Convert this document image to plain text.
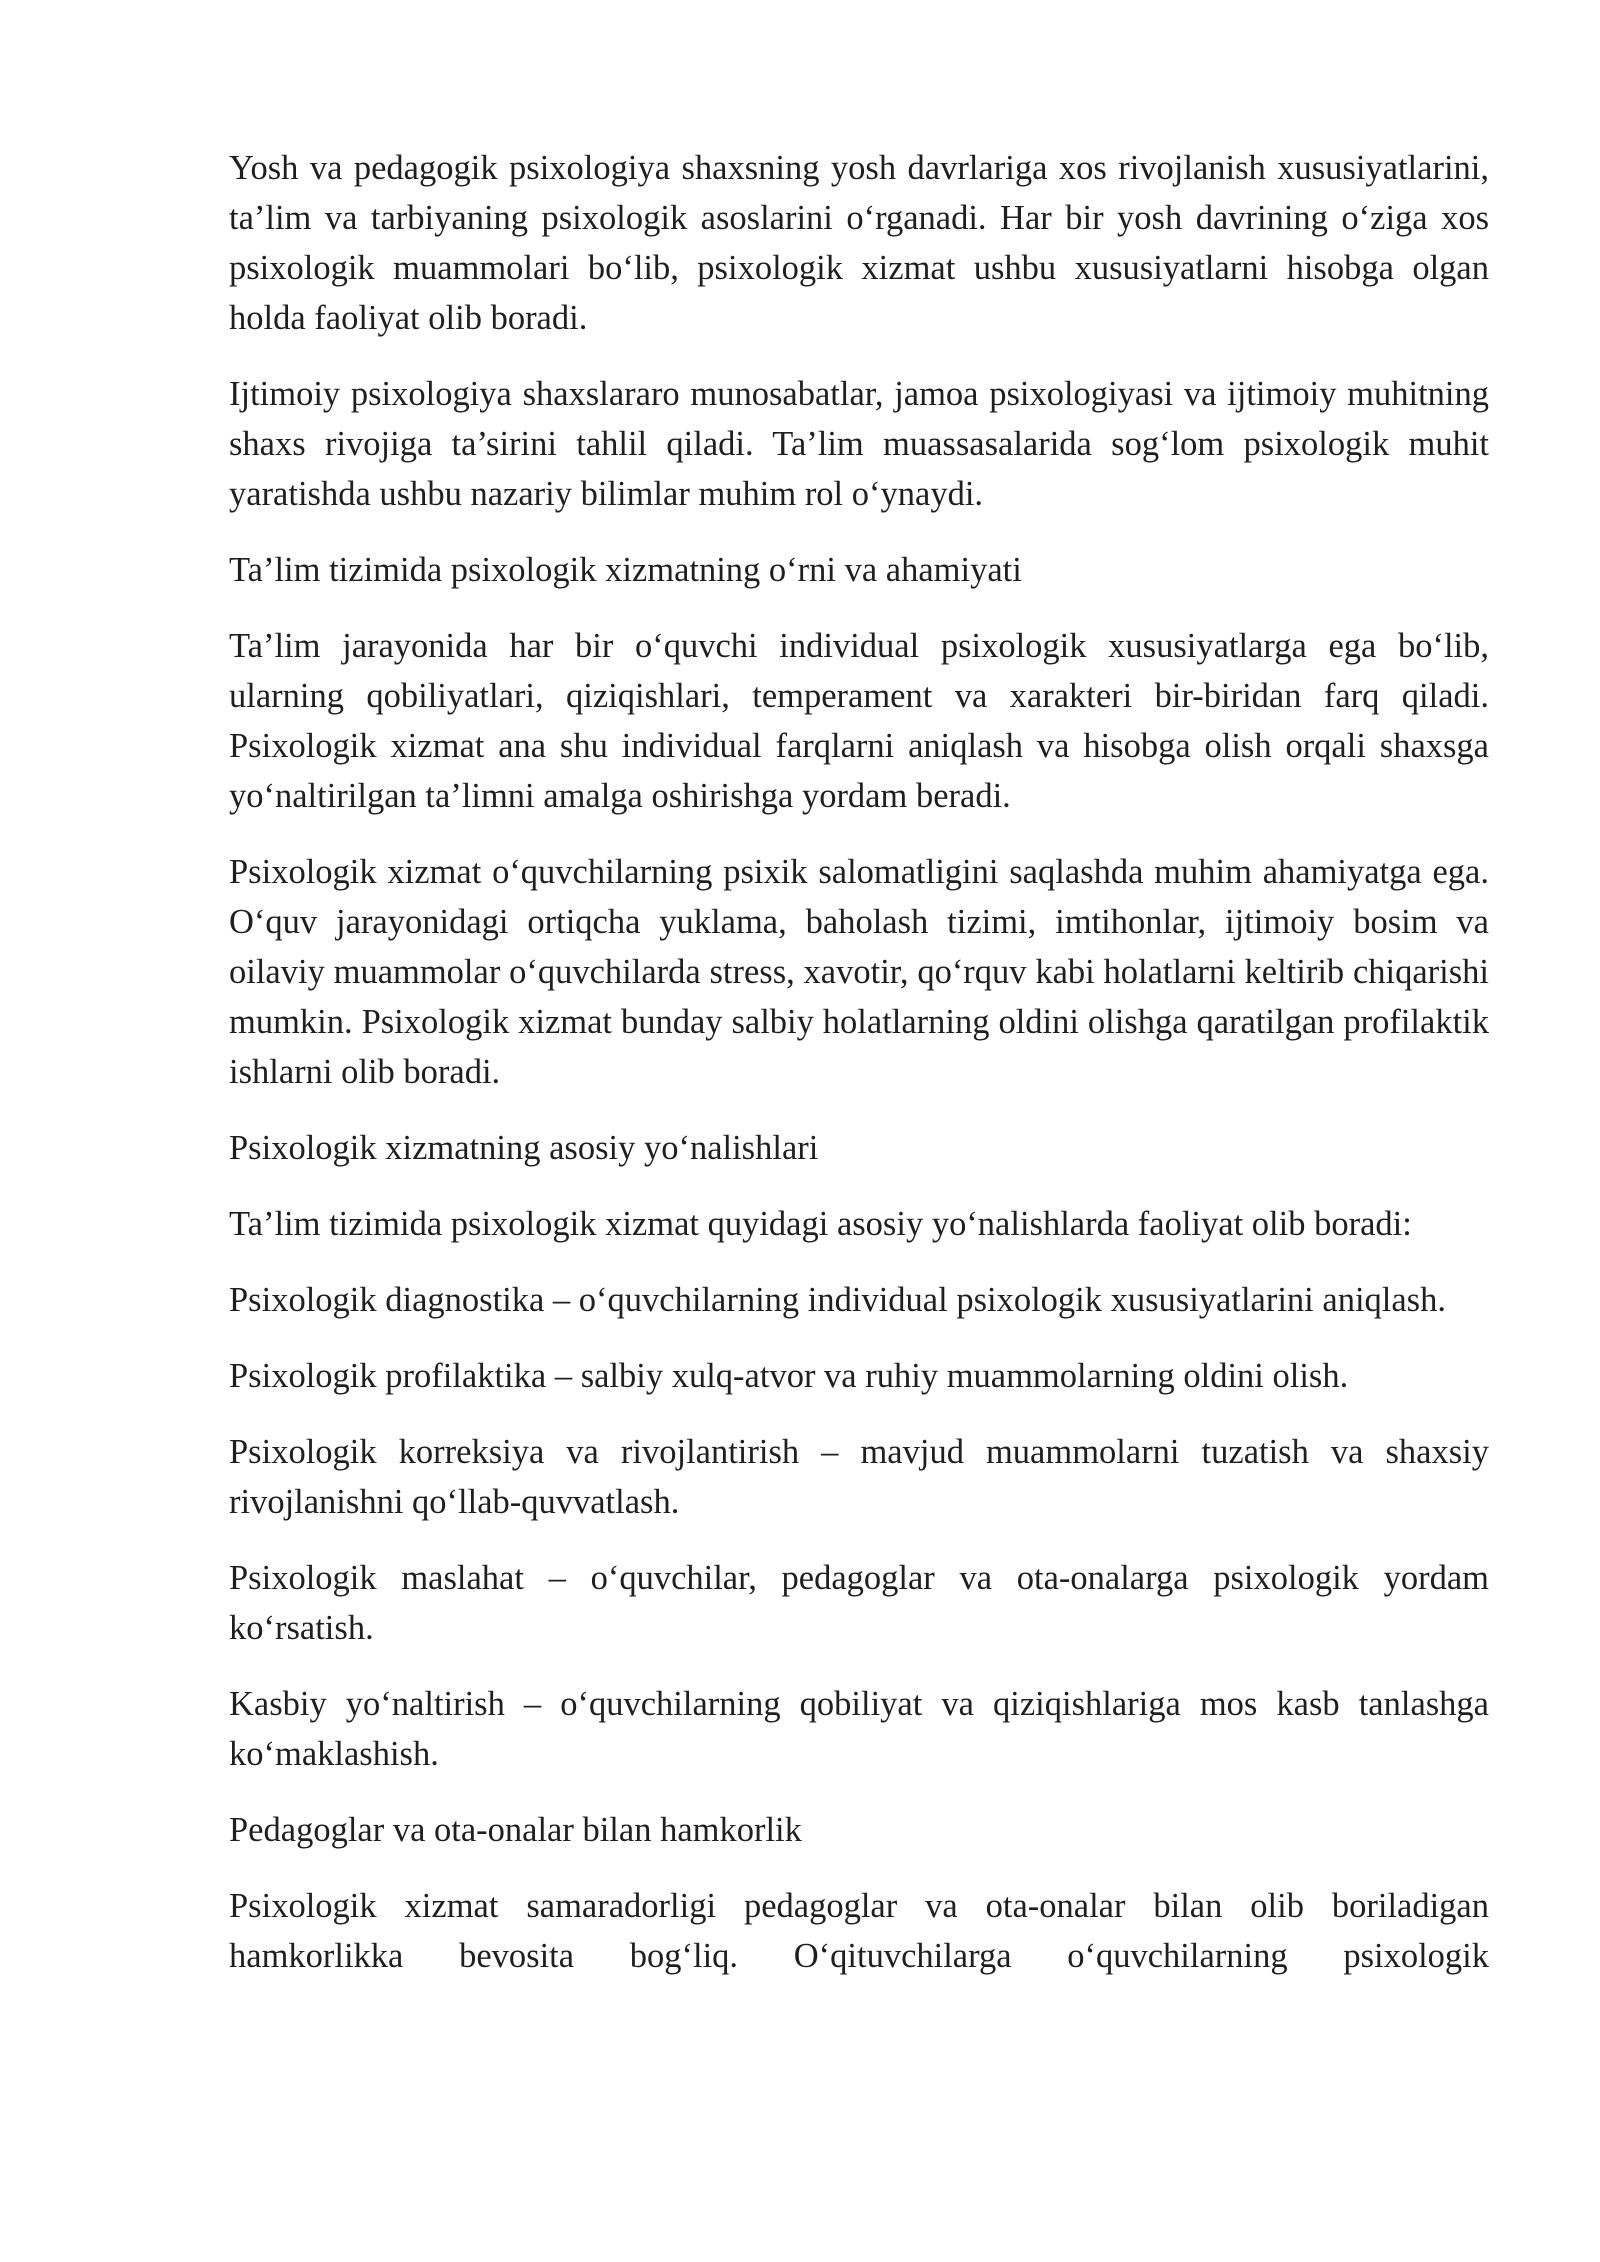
Yosh va pedagogik psixologiya shaxsning yosh davrlariga xos rivojlanish xususiyatlarini, ta’lim va tarbiyaning psixologik asoslarini o‘rganadi. Har bir yosh davrining o‘ziga xos psixologik muammolari bo‘lib, psixologik xizmat ushbu xususiyatlarni hisobga olgan holda faoliyat olib boradi.

Ijtimoiy psixologiya shaxslararo munosabatlar, jamoa psixologiyasi va ijtimoiy muhitning shaxs rivojiga ta’sirini tahlil qiladi. Ta’lim muassasalarida sog‘lom psixologik muhit yaratishda ushbu nazariy bilimlar muhim rol o‘ynaydi.

Ta’lim tizimida psixologik xizmatning o‘rni va ahamiyati

Ta’lim jarayonida har bir o‘quvchi individual psixologik xususiyatlarga ega bo‘lib, ularning qobiliyatlari, qiziqishlari, temperament va xarakteri bir-biridan farq qiladi. Psixologik xizmat ana shu individual farqlarni aniqlash va hisobga olish orqali shaxsga yo‘naltirilgan ta’limni amalga oshirishga yordam beradi.

Psixologik xizmat o‘quvchilarning psixik salomatligini saqlashda muhim ahamiyatga ega. O‘quv jarayonidagi ortiqcha yuklama, baholash tizimi, imtihonlar, ijtimoiy bosim va oilaviy muammolar o‘quvchilarda stress, xavotir, qo‘rquv kabi holatlarni keltirib chiqarishi mumkin. Psixologik xizmat bunday salbiy holatlarning oldini olishga qaratilgan profilaktik ishlarni olib boradi.

Psixologik xizmatning asosiy yo‘nalishlari

Ta’lim tizimida psixologik xizmat quyidagi asosiy yo‘nalishlarda faoliyat olib boradi:

Psixologik diagnostika – o‘quvchilarning individual psixologik xususiyatlarini aniqlash.

Psixologik profilaktika – salbiy xulq-atvor va ruhiy muammolarning oldini olish.

Psixologik korreksiya va rivojlantirish – mavjud muammolarni tuzatish va shaxsiy rivojlanishni qo‘llab-quvvatlash.

Psixologik maslahat – o‘quvchilar, pedagoglar va ota-onalarga psixologik yordam ko‘rsatish.

Kasbiy yo‘naltirish – o‘quvchilarning qobiliyat va qiziqishlariga mos kasb tanlashga ko‘maklashish.

Pedagoglar va ota-onalar bilan hamkorlik

Psixologik xizmat samaradorligi pedagoglar va ota-onalar bilan olib boriladigan hamkorlikka bevosita bog‘liq. O‘qituvchilarga o‘quvchilarning psixologik
